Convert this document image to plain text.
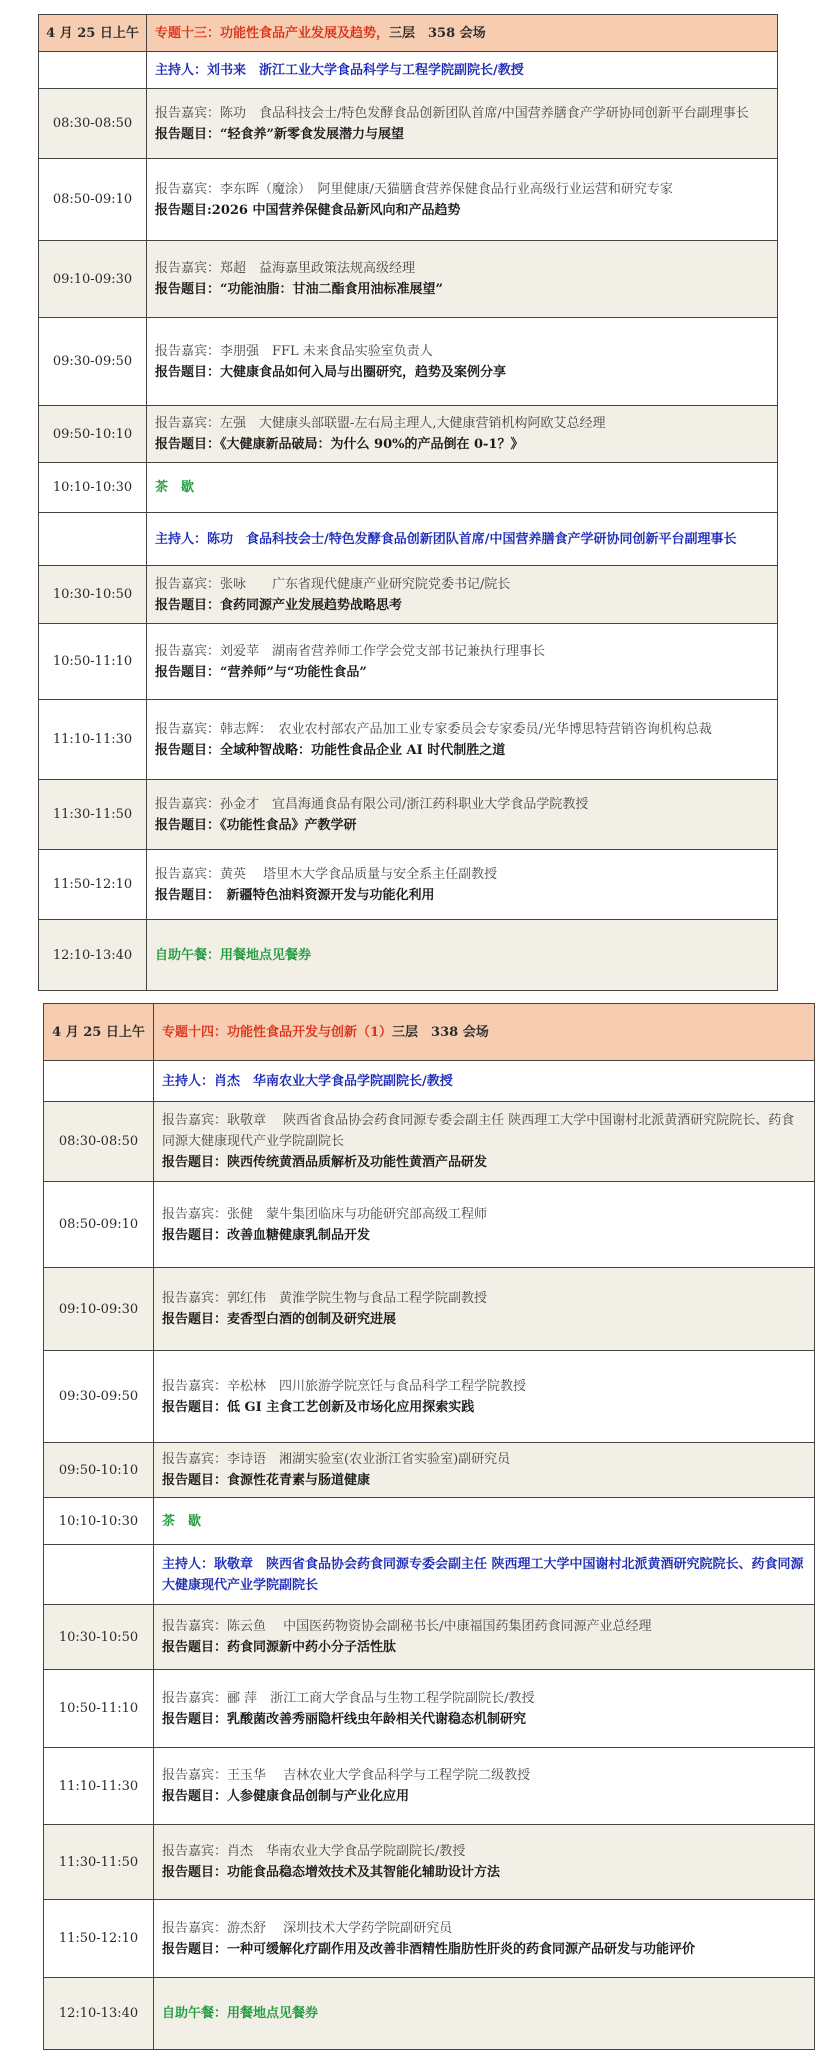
4 月 25 日上午	专题十三：功能性食品产业发展及趋势，三层　358 会场
	主持人：刘书来　浙江工业大学食品科学与工程学院副院长/教授
08:30-08:50	报告嘉宾：陈功　食品科技会士/特色发酵食品创新团队首席/中国营养膳食产学研协同创新平台副理事长
报告题目：“轻食养”新零食发展潜力与展望

08:50-09:10	报告嘉宾：李东晖（魔涂）　阿里健康/天猫膳食营养保健食品行业高级行业运营和研究专家
报告题目:2026 中国营养保健食品新风向和产品趋势

09:10-09:30	报告嘉宾：郑超　益海嘉里政策法规高级经理
报告题目：“功能油脂：甘油二酯食用油标准展望”

09:30-09:50	报告嘉宾：李朋强　FFL 未来食品实验室负责人
报告题目：大健康食品如何入局与出圈研究，趋势及案例分享

09:50-10:10	报告嘉宾：左强　大健康头部联盟-左右局主理人,大健康营销机构阿欧艾总经理
报告题目：《大健康新品破局：为什么 90%的产品倒在 0-1？》

10:10-10:30	茶　歇
	主持人：陈功　食品科技会士/特色发酵食品创新团队首席/中国营养膳食产学研协同创新平台副理事长
10:30-10:50	报告嘉宾：张咏　　广东省现代健康产业研究院党委书记/院长
报告题目：食药同源产业发展趋势战略思考

10:50-11:10	报告嘉宾：刘爱苹　湖南省营养师工作学会党支部书记兼执行理事长
报告题目：“营养师”与“功能性食品”

11:10-11:30	报告嘉宾：韩志辉：　农业农村部农产品加工业专家委员会专家委员/光华博思特营销咨询机构总裁
报告题目：全域种智战略：功能性食品企业 AI 时代制胜之道

11:30-11:50	报告嘉宾：孙金才　宜昌海通食品有限公司/浙江药科职业大学食品学院教授
报告题目：《功能性食品》产教学研

11:50-12:10	报告嘉宾：黄英　 塔里木大学食品质量与安全系主任副教授
报告题目：　新疆特色油料资源开发与功能化利用

12:10-13:40	自助午餐：用餐地点见餐券
4 月 25 日上午	专题十四：功能性食品开发与创新（1）三层　338 会场
	主持人：肖杰　华南农业大学食品学院副院长/教授
08:30-08:50	报告嘉宾：耿敬章　 陕西省食品协会药食同源专委会副主任 陕西理工大学中国谢村北派黄酒研究院院长、药食同源大健康现代产业学院副院长
报告题目：陕西传统黄酒品质解析及功能性黄酒产品研发

08:50-09:10	报告嘉宾：张健　蒙牛集团临床与功能研究部高级工程师
报告题目：改善血糖健康乳制品开发

09:10-09:30	报告嘉宾：郭红伟　黄淮学院生物与食品工程学院副教授
报告题目：麦香型白酒的创制及研究进展

09:30-09:50	报告嘉宾：辛松林　四川旅游学院烹饪与食品科学工程学院教授
报告题目：低 GI 主食工艺创新及市场化应用探索实践

09:50-10:10	报告嘉宾：李诗语　湘湖实验室(农业浙江省实验室)副研究员
报告题目：食源性花青素与肠道健康

10:10-10:30	茶　歇
	主持人：耿敬章　陕西省食品协会药食同源专委会副主任 陕西理工大学中国谢村北派黄酒研究院院长、药食同源大健康现代产业学院副院长
10:30-10:50	报告嘉宾：陈云鱼　 中国医药物资协会副秘书长/中康福国药集团药食同源产业总经理
报告题目：药食同源新中药小分子活性肽

10:50-11:10	报告嘉宾：郦 萍　浙江工商大学食品与生物工程学院副院长/教授
报告题目：乳酸菌改善秀丽隐杆线虫年龄相关代谢稳态机制研究

11:10-11:30	报告嘉宾：王玉华　 吉林农业大学食品科学与工程学院二级教授
报告题目：人参健康食品创制与产业化应用

11:30-11:50	报告嘉宾：肖杰　华南农业大学食品学院副院长/教授
报告题目：功能食品稳态增效技术及其智能化辅助设计方法

11:50-12:10	报告嘉宾：游杰舒　 深圳技术大学药学院副研究员
报告题目：一种可缓解化疗副作用及改善非酒精性脂肪性肝炎的药食同源产品研发与功能评价

12:10-13:40	自助午餐：用餐地点见餐券
